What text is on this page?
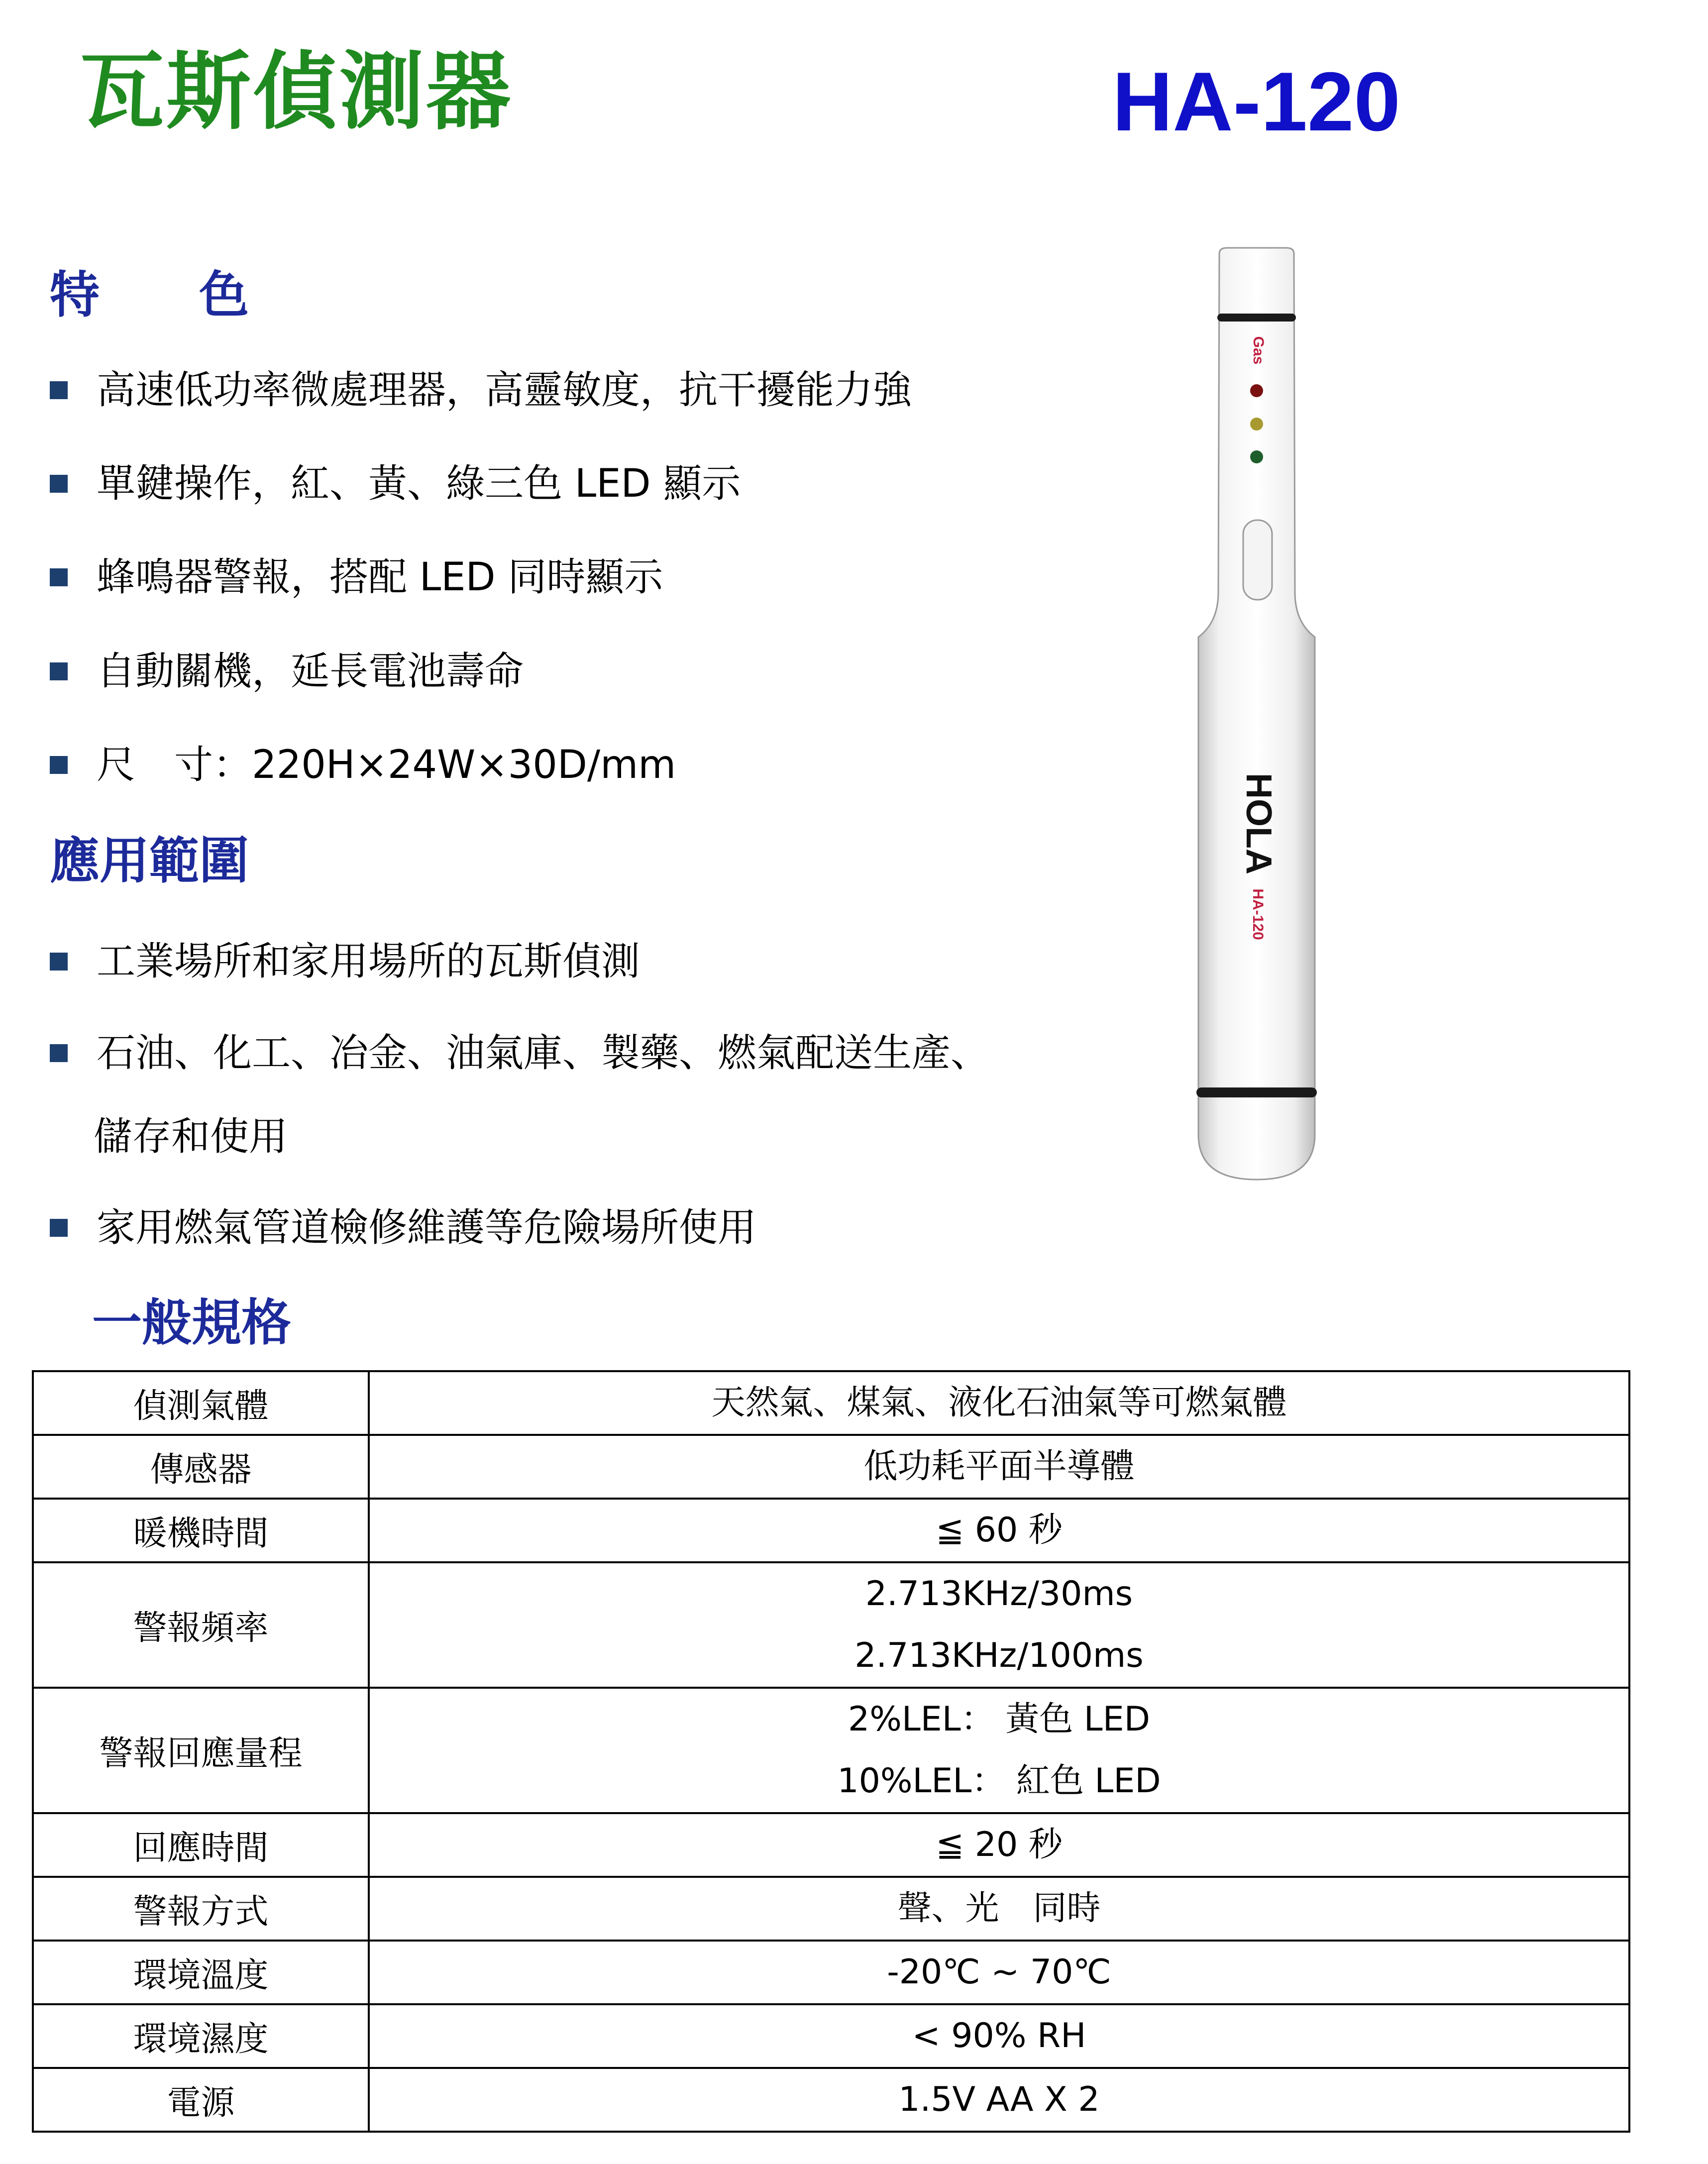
瓦斯偵測器	HA-120
特　　色
高速低功率微處理器，高靈敏度，抗干擾能力強
單鍵操作，紅、黃、綠三色 LED 顯示
蜂鳴器警報，搭配 LED 同時顯示
自動關機，延長電池壽命
尺　寸：220H×24W×30D/mm
應用範圍
工業場所和家用場所的瓦斯偵測
石油、化工、冶金、油氣庫、製藥、燃氣配送生產、
儲存和使用
家用燃氣管道檢修維護等危險場所使用
HOLA
Gas
HA-120
一般規格
偵測氣體	天然氣、煤氣、液化石油氣等可燃氣體

傳感器	低功耗平面半導體

暖機時間	≦ 60 秒

警報頻率	2.713KHz/30ms
2.713KHz/100ms

警報回應量程	2%LEL： 黃色 LED
10%LEL： 紅色 LED

回應時間	≦ 20 秒

警報方式	聲、光　同時

環境溫度	-20℃ ~ 70℃

環境濕度	< 90% RH

電源	1.5V AA X 2
